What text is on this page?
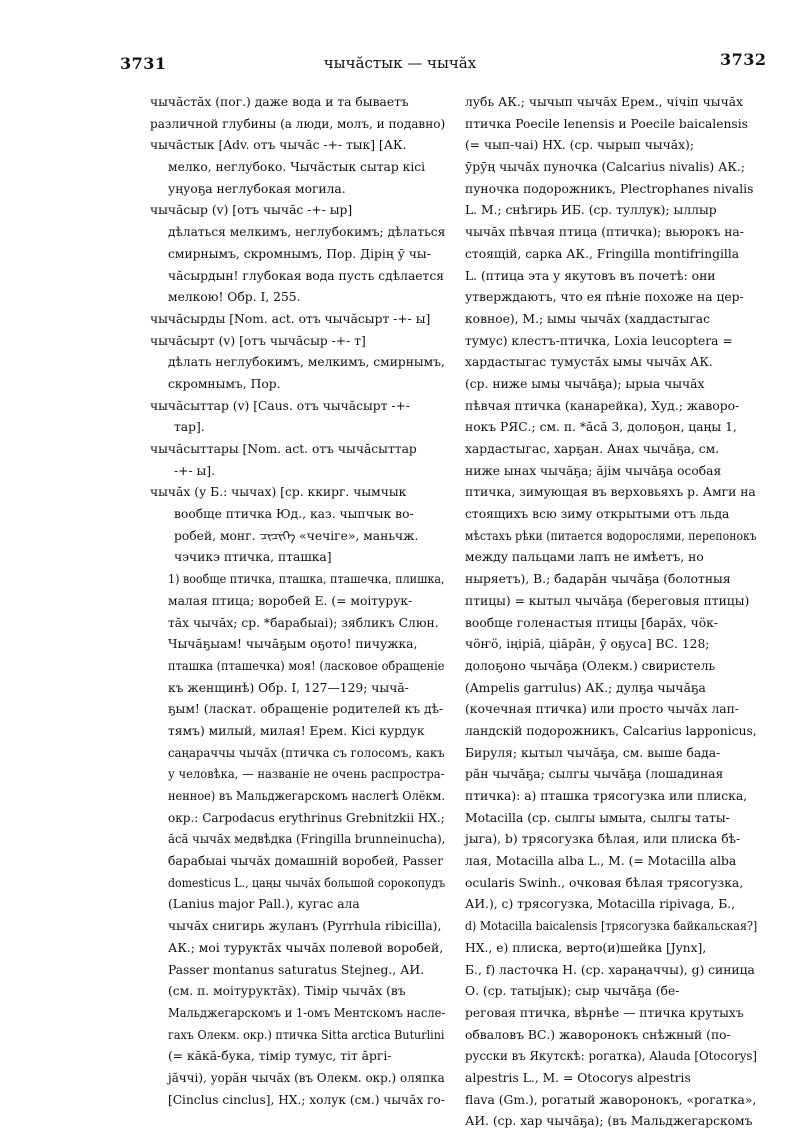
3731	чычăстык — чычăх	3732
чычăстăх (пог.) даже вода и та бываетъ
различной глубины (а люди, молъ, и подавно)
чычăстык [Adv. отъ чычăс -+- тык] [АК.
мелко, неглубоко. Чычăстык сытар кісі
уңуоҕа неглубокая могила.
чычăсыр (v) [отъ чычăс -+- ыр]
дѣлаться мелкимъ, неглубокимъ; дѣлаться
смирнымъ, скромнымъ, Пор. Дірің ӯ чы-
чăсырдын! глубокая вода пусть сдѣлается
мелкою! Обр. I, 255.
чычăсырды [Nom. act. отъ чычăсырт -+- ы]
чычăсырт (v) [отъ чычăсыр -+- т]
дѣлать неглубокимъ, мелкимъ, смирнымъ,
скромнымъ, Пор.
чычăсыттар (v) [Caus. отъ чычăсырт -+-
тар].
чычăсыттары [Nom. act. отъ чычăсыттар
-+- ы].
чычăх (у Б.: чычах) [ср. ккирг. чымчык
вообще птичка Юд., каз. чыпчык во-
робей, монг. ᠴᠢᠴᠢᠭᠡ «чечіге», маньчж.
чэчикэ птичка, пташка]
1) вообще птичка, пташка, пташечка, плишка,
малая птица; воробей Е. (= моітурук-
тăх чычăх; ср. *барабыаі); зябликъ Слюн.
Чычăҕыам! чычăҕым оҕото! пичужка,
пташка (пташечка) моя! (ласковое обращеніе
къ женщинѣ) Обр. I, 127—129; чычă-
ҕым! (ласкат. обращеніе родителей къ дѣ-
тямъ) милый, милая! Ерем. Кісі курдук
саңараччы чычăх (птичка съ голосомъ, какъ
у человѣка, — названіе не очень распростра-
ненное) въ Мальджегарскомъ наслегѣ Олёкм.
окр.: Carpodacus erythrinus Grebnitzkii НХ.;
ăсă чычăх медвѣдка (Fringilla brunneinucha),
барабыаі чычăх домашній воробей, Passer
domesticus L., цаңы чычăх большой сорокопудъ
(Lanius major Pall.), кугас ала
чычăх снигирь жуланъ (Pyrrhula ribicilla),
АК.; моі туруктăх чычăх полевой воробей,
Passer montanus saturatus Stejneg., АИ.
(см. п. моітуруктăх). Тімір чычăх (въ
Мальджегарскомъ и 1-омъ Ментскомъ насле-
гахъ Олекм. окр.) птичка Sitta arctica Buturlini
(= кăкă-бука, тімір тумус, тіт ăргі-
jăччі), уорăн чычăх (въ Олекм. окр.) оляпка
[Cinclus cinclus], НХ.; холук (см.) чычăх го-
лубь АК.; чычып чычăх Ерем., чічіп чычăх
птичка Poecile lenensis и Poecile baicalensis
(= чып-чаі) НХ. (ср. чырып чычăх);
ӯрӯң чычăх пуночка (Calcarius nivalis) АК.;
пуночка подорожникъ, Plectrophanes nivalis
L. М.; снѣгирь ИБ. (ср. туллук); ыллыр
чычăх пѣвчая птица (птичка); вьюрокъ на-
стоящій, сарка АК., Fringilla montifringilla
L. (птица эта у якутовъ въ почетѣ: они
утверждаютъ, что ея пѣніе похоже на цер-
ковное), М.; ымы чычăх (хаддастыгас
тумус) клестъ-птичка, Loxia leucoptera =
хардастыгас тумустăх ымы чычăх АК.
(ср. ниже ымы чычăҕа); ырыа чычăх
пѣвчая птичка (канарейка), Худ.; жаворо-
нокъ РЯС.; см. п. *ăсă 3, долоҕон, цаңы 1,
хардастыгас, харҕан. Анах чычăҕа, см.
ниже ынах чычăҕа; ăjім чычăҕа особая
птичка, зимующая въ верховьяхъ р. Амги на
стоящихъ всю зиму открытыми отъ льда
мѣстахъ рѣки (питается водорослями, перепонокъ
между пальцами лапъ не имѣетъ, но
ныряетъ), В.; бадарăн чычăҕа (болотныя
птицы) = кытыл чычăҕа (береговыя птицы)
вообще голенастыя птицы [барăх, чӧк-
чӧҥӧ, іңірiă, цiăрăн, ӯ оҕуса] ВС. 128;
долоҕоно чычăҕа (Олекм.) свиристель
(Ampelis garrulus) АК.; дулҕа чычăҕа
(кочечная птичка) или просто чычăх лап-
ландскій подорожникъ, Calcarius lapponicus,
Бируля; кытыл чычăҕа, см. выше бада-
рăн чычăҕа; сылгы чычăҕа (лошадиная
птичка): а) пташка трясогузка или плиска,
Motacilla (ср. сылгы ымыта, сылгы таты-
jыга), b) трясогузка бѣлая, или плиска бѣ-
лая, Motacilla alba L., М. (= Motacilla alba
ocularis Swinh., очковая бѣлая трясогузка,
АИ.), с) трясогузка, Motacilla ripivaga, Б.,
d) Motacilla baicalensis [трясогузка байкальская?]
НХ., е) плиска, верто(и)шейка [Jynx],
Б., f) ласточка Н. (ср. хараңаччы), g) синица
О. (ср. татыjык); сыр чычăҕа (бе-
реговая птичка, вѣрнѣе — птичка крутыхъ
обваловъ ВС.) жаворонокъ снѣжный (по-
русски въ Якутскѣ: рогатка), Alauda [Otocorys]
alpestris L., М. = Otocorys alpestris
flava (Gm.), рогатый жаворонокъ, «рогатка»,
АИ. (ср. хар чычăҕа); (въ Мальджегарскомъ
